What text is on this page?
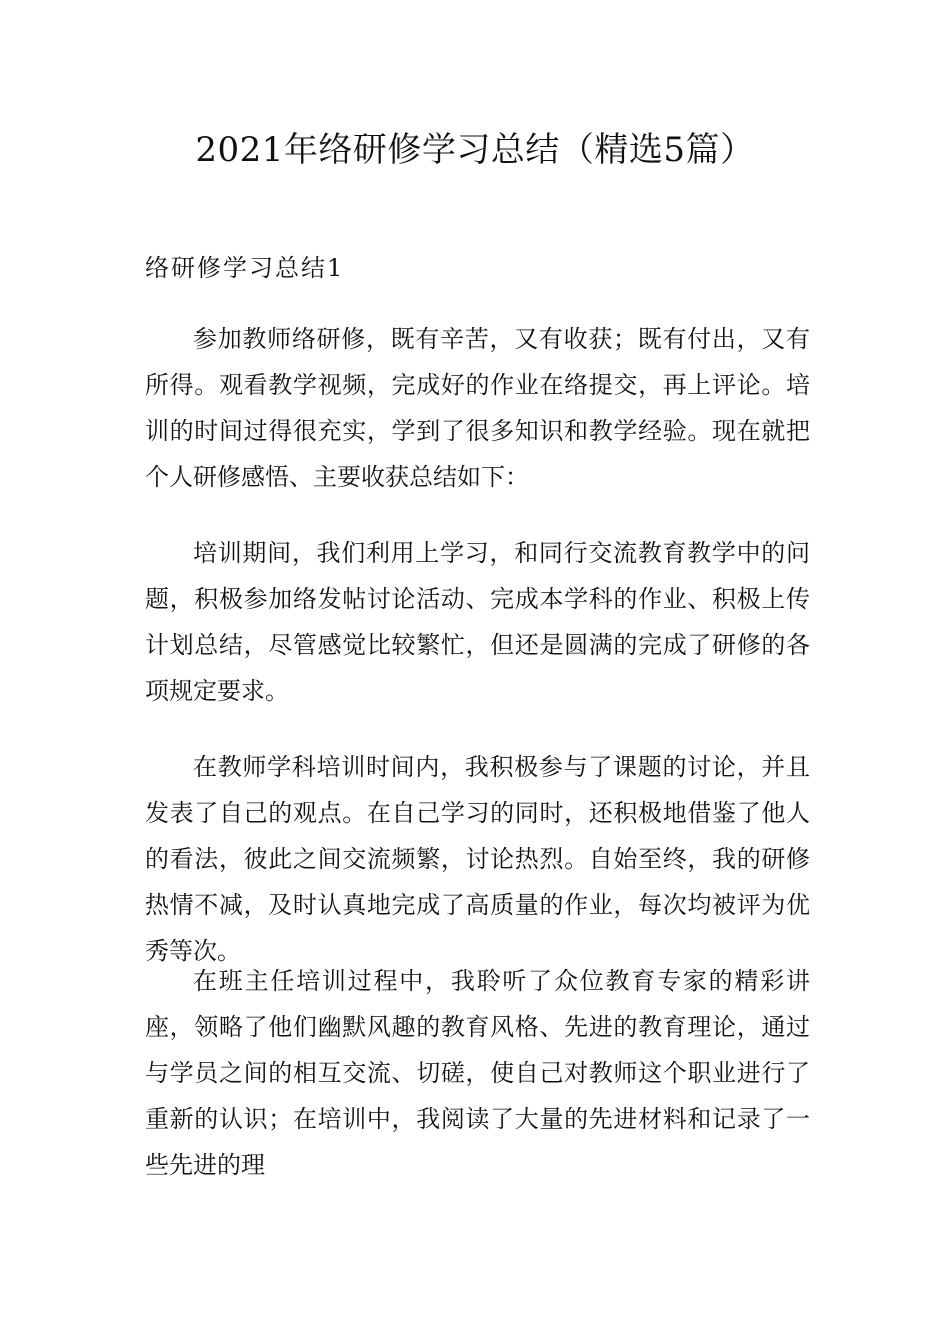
2021年络研修学习总结（精选5篇）
络研修学习总结1

参加教师络研修，既有辛苦，又有收获；既有付出，又有所得。观看教学视频，完成好的作业在络提交，再上评论。培训的时间过得很充实，学到了很多知识和教学经验。现在就把个人研修感悟、主要收获总结如下：

培训期间，我们利用上学习，和同行交流教育教学中的问题，积极参加络发帖讨论活动、完成本学科的作业、积极上传计划总结，尽管感觉比较繁忙，但还是圆满的完成了研修的各项规定要求。

在教师学科培训时间内，我积极参与了课题的讨论，并且发表了自己的观点。在自己学习的同时，还积极地借鉴了他人的看法，彼此之间交流频繁，讨论热烈。自始至终，我的研修热情不减，及时认真地完成了高质量的作业，每次均被评为优秀等次。

在班主任培训过程中，我聆听了众位教育专家的精彩讲座，领略了他们幽默风趣的教育风格、先进的教育理论，通过与学员之间的相互交流、切磋，使自己对教师这个职业进行了重新的认识；在培训中，我阅读了大量的先进材料和记录了一些先进的理
